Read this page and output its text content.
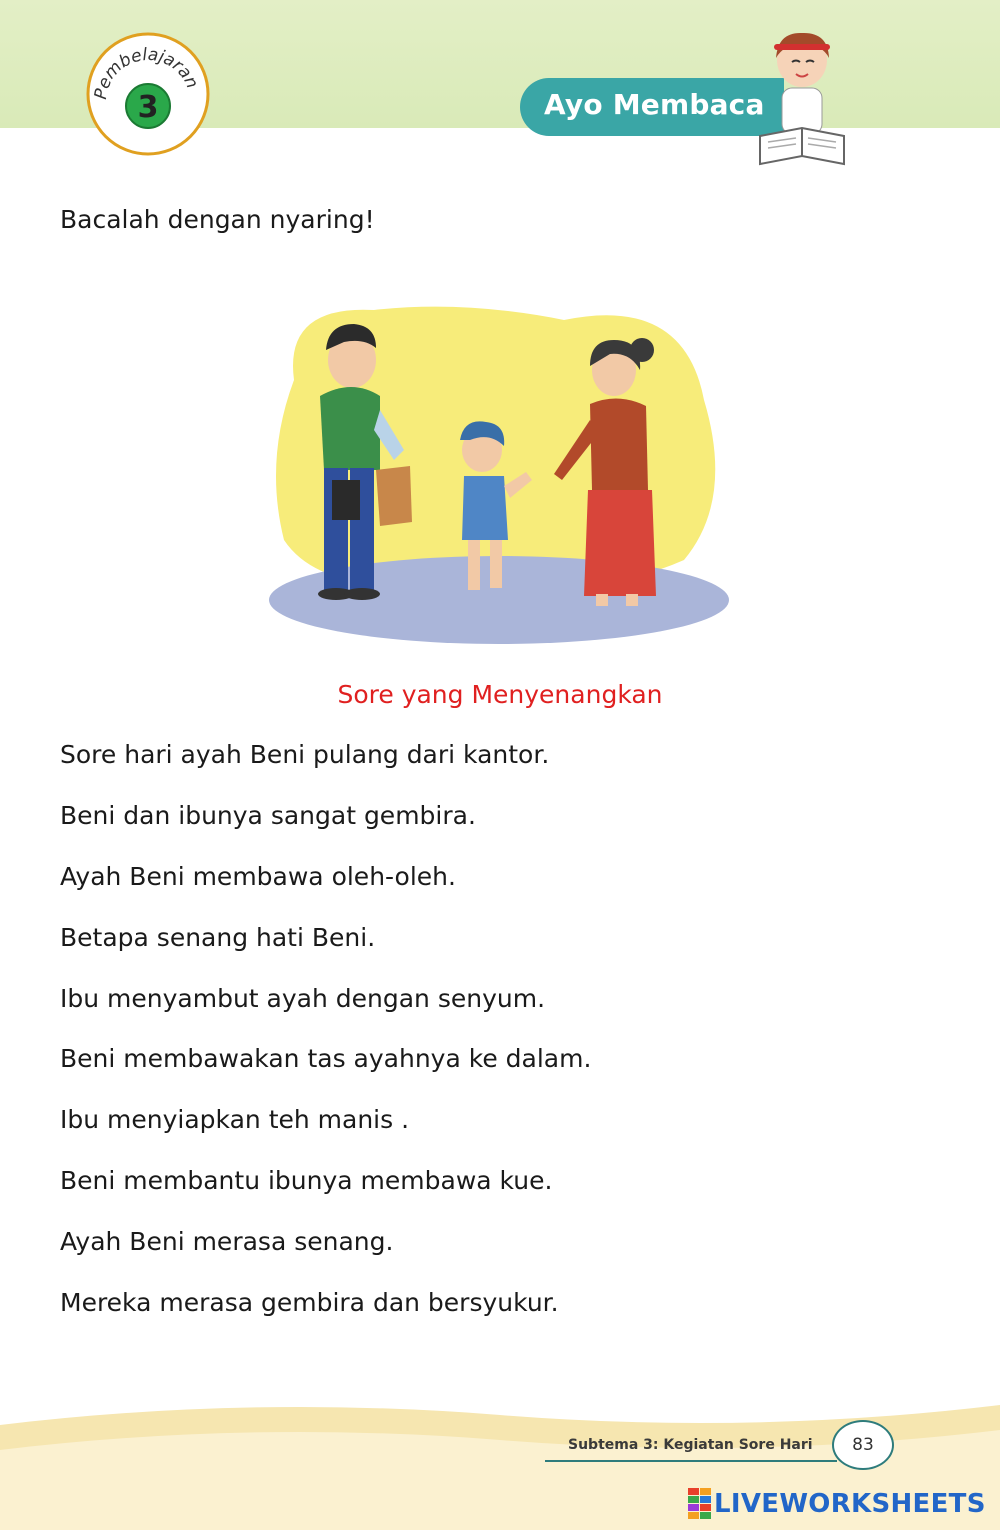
Pembelajaran
3	Ayo Membaca
Bacalah dengan nyaring!
Sore yang Menyenangkan
Sore hari ayah Beni pulang dari kantor.
Beni dan ibunya sangat gembira.
Ayah Beni membawa oleh-oleh.
Betapa senang hati Beni.
Ibu menyambut ayah dengan senyum.
Beni membawakan tas ayahnya ke dalam.
Ibu menyiapkan teh manis .
Beni membantu ibunya membawa kue.
Ayah Beni merasa senang.
Mereka merasa gembira dan bersyukur.
Subtema 3: Kegiatan Sore Hari	83
LIVEWORKSHEETS
